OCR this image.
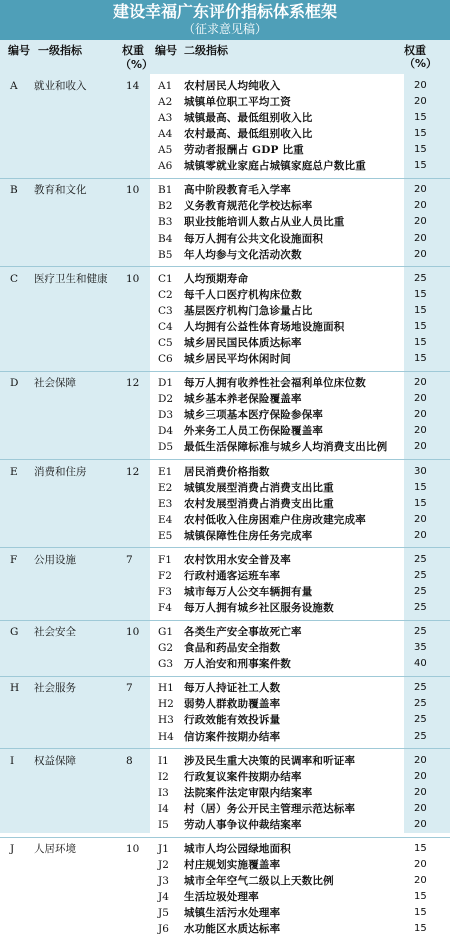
建设幸福广东评价指标体系框架
（征求意见稿）
编号 一级指标	权重
（%）
编号 二级指标	权重（%）
A 就业和收入	14 A1 农村居民人均纯收入	20
A2 城镇单位职工平均工资	20
A3 城镇最高、最低组别收入比	15
A4 农村最高、最低组别收入比	15
A5 劳动者报酬占 GDP 比重	15
A6 城镇零就业家庭占城镇家庭总户数比重	15
B 教育和文化	10 B1 高中阶段教育毛入学率	20
B2 义务教育规范化学校达标率	20
B3 职业技能培训人数占从业人员比重	20
B4 每万人拥有公共文化设施面积	20
B5 年人均参与文化活动次数	20
C 医疗卫生和健康 10 C1 人均预期寿命	25
C2 每千人口医疗机构床位数	15
C3 基层医疗机构门急诊量占比	15
C4 人均拥有公益性体育场地设施面积	15
C5 城乡居民国民体质达标率	15
C6 城乡居民平均休闲时间	15
D 社会保障	12 D1 每万人拥有收养性社会福利单位床位数	20
D2 城乡基本养老保险覆盖率	20
D3 城乡三项基本医疗保险参保率	20
D4 外来务工人员工伤保险覆盖率	20
D5 最低生活保障标准与城乡人均消费支出比例	20
E 消费和住房	12 E1 居民消费价格指数	30
E2 城镇发展型消费占消费支出比重	15
E3 农村发展型消费占消费支出比重	15
E4 农村低收入住房困难户住房改建完成率	20
E5 城镇保障性住房任务完成率	20
F 公用设施	7 F1 农村饮用水安全普及率	25
F2 行政村通客运班车率	25
F3 城市每万人公交车辆拥有量	25
F4 每万人拥有城乡社区服务设施数	25
G 社会安全	10 G1 各类生产安全事故死亡率	25
G2 食品和药品安全指数	35
G3 万人治安和刑事案件数	40
H 社会服务	7 H1 每万人持证社工人数	25
H2 弱势人群救助覆盖率	25
H3 行政效能有效投诉量	25
H4 信访案件按期办结率	25
I 权益保障	8 I1 涉及民生重大决策的民调率和听证率	20
I2 行政复议案件按期办结率	20
I3 法院案件法定审限内结案率	20
I4 村（居）务公开民主管理示范达标率	20
I5 劳动人事争议仲裁结案率	20
J 人居环境	10 J1 城市人均公园绿地面积	15
J2 村庄规划实施覆盖率	20
J3 城市全年空气二级以上天数比例	20
J4 生活垃圾处理率	15
J5 城镇生活污水处理率	15
J6 水功能区水质达标率	15
